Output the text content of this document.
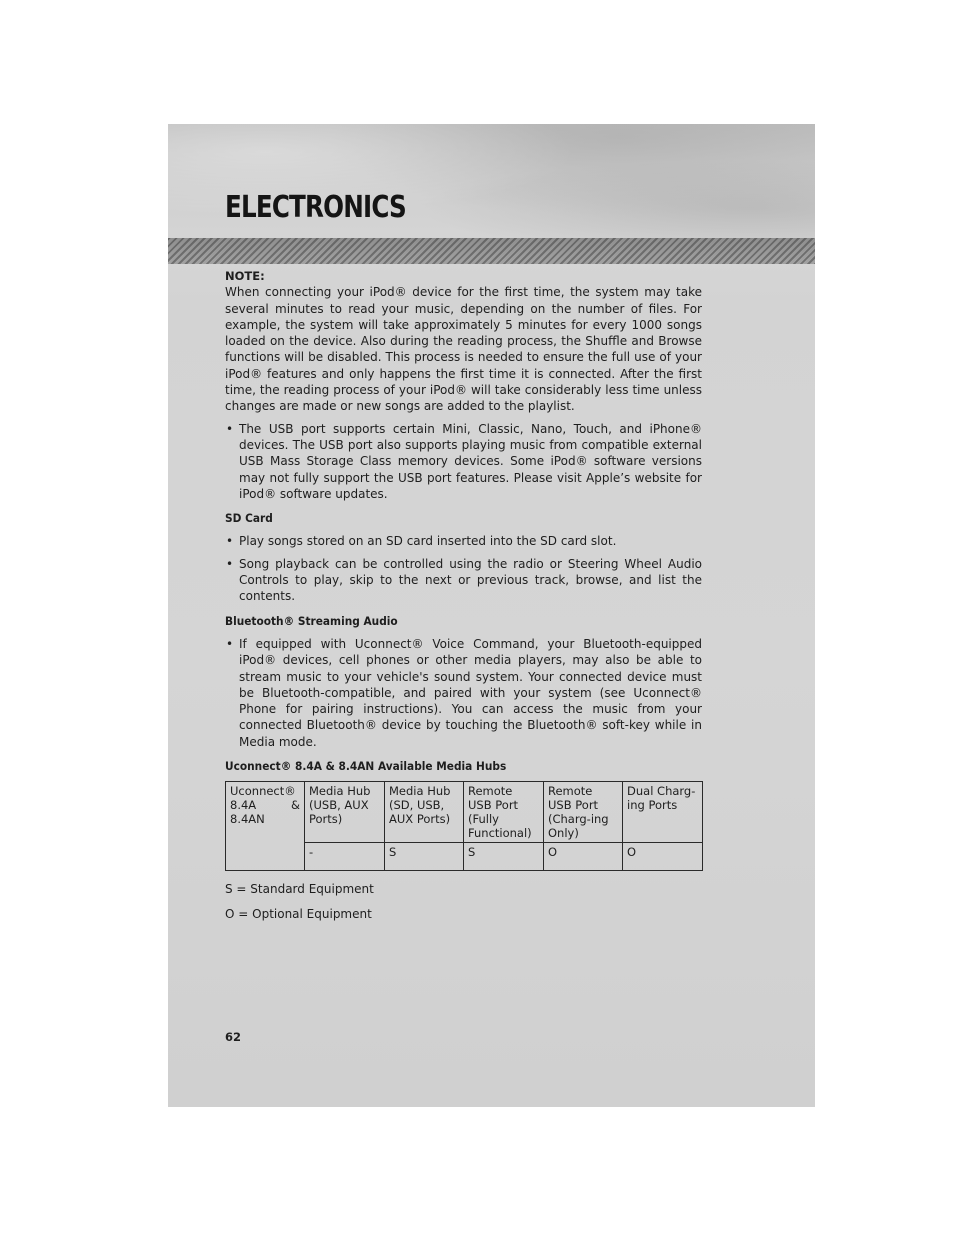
ELECTRONICS

NOTE:

When connecting your iPod® device for the first time, the system may take several minutes to read your music, depending on the number of files. For example, the system will take approximately 5 minutes for every 1000 songs loaded on the device. Also during the reading process, the Shuffle and Browse functions will be disabled. This process is needed to ensure the full use of your iPod® features and only happens the first time it is connected. After the first time, the reading process of your iPod® will take considerably less time unless changes are made or new songs are added to the playlist.

• The USB port supports certain Mini, Classic, Nano, Touch, and iPhone® devices. The USB port also supports playing music from compatible external USB Mass Storage Class memory devices. Some iPod® software versions may not fully support the USB port features. Please visit Apple’s website for iPod® software updates.
SD Card
• Play songs stored on an SD card inserted into the SD card slot.
• Song playback can be controlled using the radio or Steering Wheel Audio Controls to play, skip to the next or previous track, browse, and list the contents.
Bluetooth® Streaming Audio
• If equipped with Uconnect® Voice Command, your Bluetooth-equipped iPod® devices, cell phones or other media players, may also be able to stream music to your vehicle's sound system. Your connected device must be Bluetooth-compatible, and paired with your system (see Uconnect® Phone for pairing instructions). You can access the music from your connected Bluetooth® device by touching the Bluetooth® soft-key while in Media mode.
Uconnect® 8.4A & 8.4AN Available Media Hubs
Uconnect® 8.4A & 8.4AN	Media Hub (USB, AUX Ports)	Media Hub (SD, USB, AUX Ports)	Remote USB Port (Fully Functional)	Remote USB Port (Charg-ing Only)	Dual Charg-ing Ports
	-	S	S	O	O

S = Standard Equipment

O = Optional Equipment

62
